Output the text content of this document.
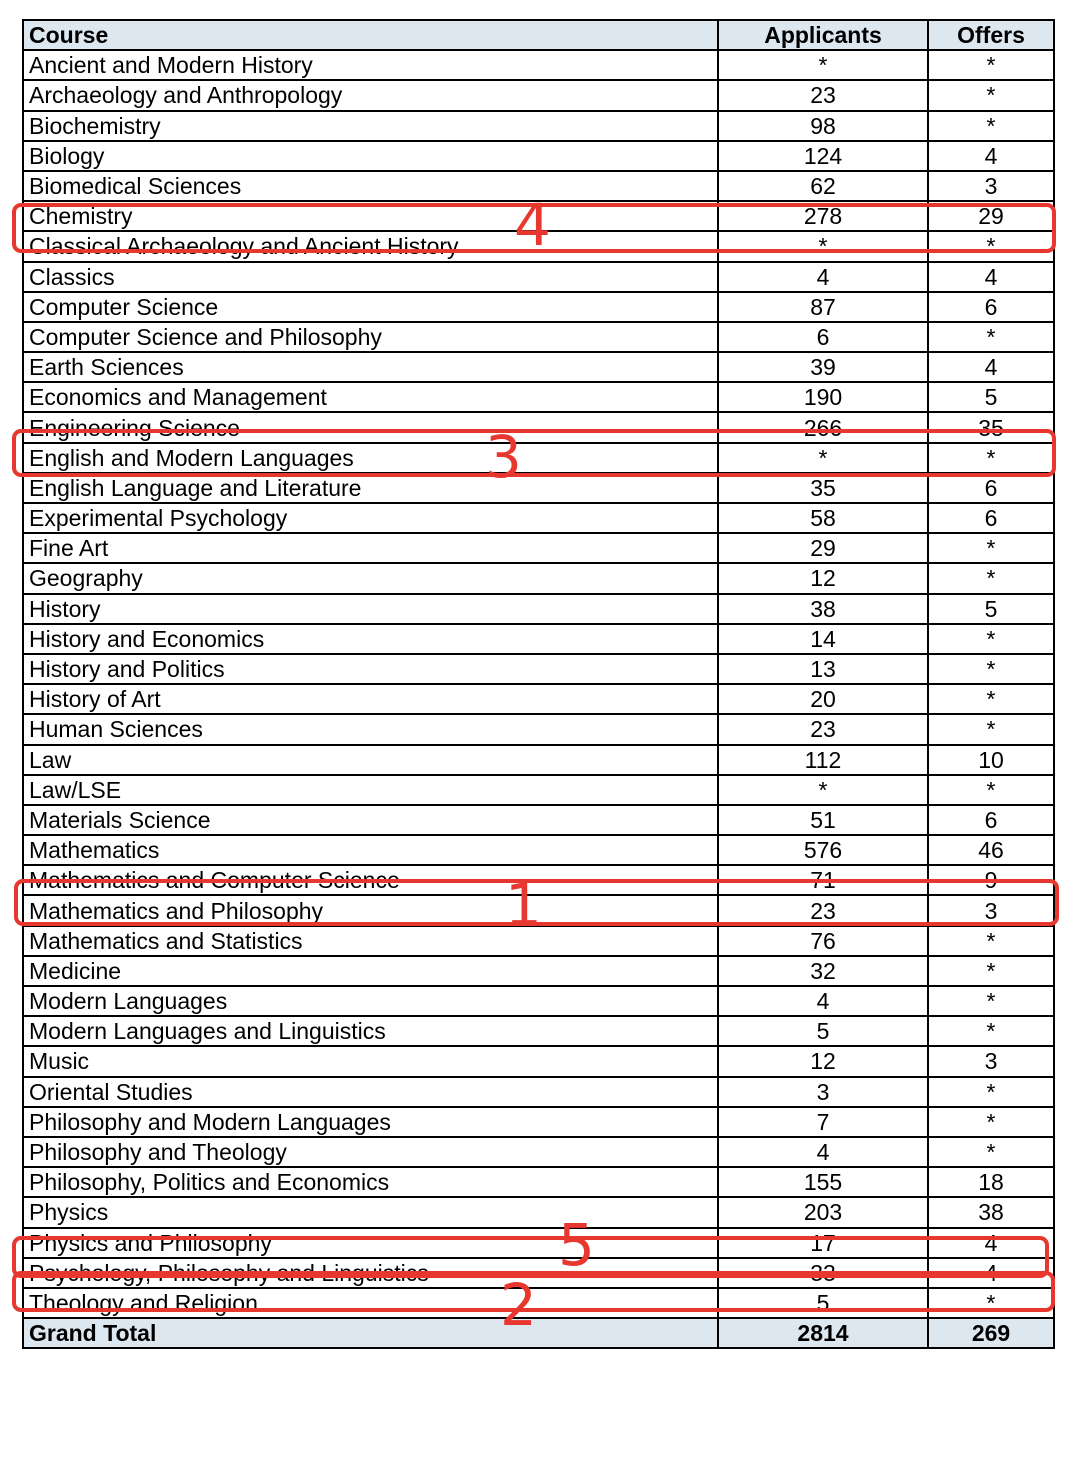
Course	Applicants	Offers
Ancient and Modern History	*	*
Archaeology and Anthropology	23	*
Biochemistry	98	*
Biology	124	4
Biomedical Sciences	62	3
Chemistry	278	29
Classical Archaeology and Ancient History	*	*
Classics	4	4
Computer Science	87	6
Computer Science and Philosophy	6	*
Earth Sciences	39	4
Economics and Management	190	5
Engineering Science	266	35
English and Modern Languages	*	*
English Language and Literature	35	6
Experimental Psychology	58	6
Fine Art	29	*
Geography	12	*
History	38	5
History and Economics	14	*
History and Politics	13	*
History of Art	20	*
Human Sciences	23	*
Law	112	10
Law/LSE	*	*
Materials Science	51	6
Mathematics	576	46
Mathematics and Computer Science	71	9
Mathematics and Philosophy	23	3
Mathematics and Statistics	76	*
Medicine	32	*
Modern Languages	4	*
Modern Languages and Linguistics	5	*
Music	12	3
Oriental Studies	3	*
Philosophy and Modern Languages	7	*
Philosophy and Theology	4	*
Philosophy, Politics and Economics	155	18
Physics	203	38
Physics and Philosophy	17	4
Psychology, Philosophy and Linguistics	33	4
Theology and Religion	5	*
Grand Total	2814	269
4
3
1
5
2
